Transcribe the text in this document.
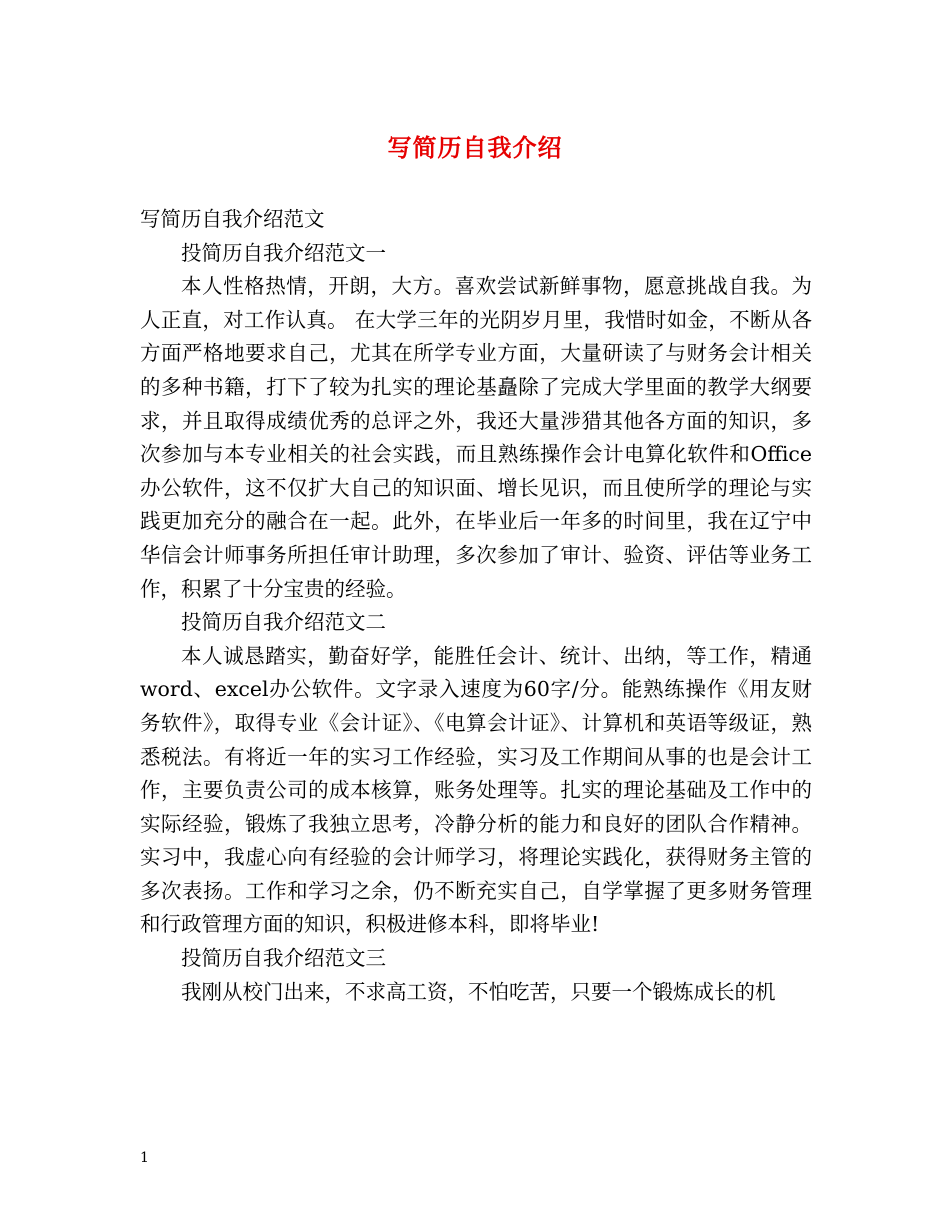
写简历自我介绍

写简历自我介绍范文

投简历自我介绍范文一

本人性格热情，开朗，大方。喜欢尝试新鲜事物，愿意挑战自我。为人正直，对工作认真。 在大学三年的光阴岁月里，我惜时如金，不断从各方面严格地要求自己，尤其在所学专业方面，大量研读了与财务会计相关的多种书籍，打下了较为扎实的理论基矗除了完成大学里面的教学大纲要求，并且取得成绩优秀的总评之外，我还大量涉猎其他各方面的知识，多次参加与本专业相关的社会实践，而且熟练操作会计电算化软件和Office办公软件，这不仅扩大自己的知识面、增长见识，而且使所学的理论与实践更加充分的融合在一起。此外，在毕业后一年多的时间里，我在辽宁中华信会计师事务所担任审计助理，多次参加了审计、验资、评估等业务工作，积累了十分宝贵的经验。

投简历自我介绍范文二

本人诚恳踏实，勤奋好学，能胜任会计、统计、出纳，等工作，精通word、excel办公软件。文字录入速度为60字/分。能熟练操作《用友财务软件》，取得专业《会计证》、《电算会计证》、计算机和英语等级证，熟悉税法。有将近一年的实习工作经验，实习及工作期间从事的也是会计工作，主要负责公司的成本核算，账务处理等。扎实的理论基础及工作中的实际经验，锻炼了我独立思考，冷静分析的能力和良好的团队合作精神。实习中，我虚心向有经验的会计师学习，将理论实践化，获得财务主管的多次表扬。工作和学习之余，仍不断充实自己，自学掌握了更多财务管理和行政管理方面的知识，积极进修本科，即将毕业!

投简历自我介绍范文三

我刚从校门出来，不求高工资，不怕吃苦，只要一个锻炼成长的机

1
